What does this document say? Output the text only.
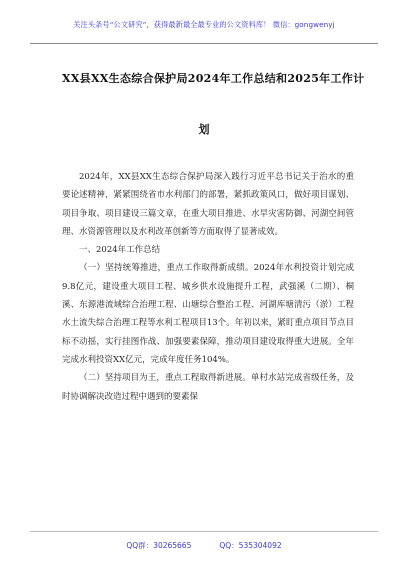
关注头条号“公文研究”，获得最新最全最专业的公文资料库！ 微信：gongwenyj
XX县XX生态综合保护局2024年工作总结和2025年工作计
划

2024年，XX县XX生态综合保护局深入践行习近平总书记关于治水的重要论述精神，紧紧围绕省市水利部门的部署，紧抓政策风口，做好项目谋划、项目争取、项目建设三篇文章，在重大项目推进、水旱灾害防御、河湖空间管理、水资源管理以及水利改革创新等方面取得了显著成效。

一、2024年工作总结

（一）坚持统筹推进，重点工作取得新成绩。2024年水利投资计划完成9.8亿元，建设重大项目工程、城乡供水设施提升工程，武强溪（二期）、桐溪、东源港流域综合治理工程、山塘综合整治工程、河湖库塘清污（淤）工程水土流失综合治理工程等水利工程项目13个。年初以来，紧盯重点项目节点目标不动摇，实行挂图作战、加强要素保障，推动项目建设取得重大进展。全年完成水利投资XX亿元，完成年度任务104%。

（二）坚持项目为王，重点工程取得新进展。单村水站完成省级任务，及时协调解决改造过程中遇到的要素保

QQ群：30265665	QQ：535304092
